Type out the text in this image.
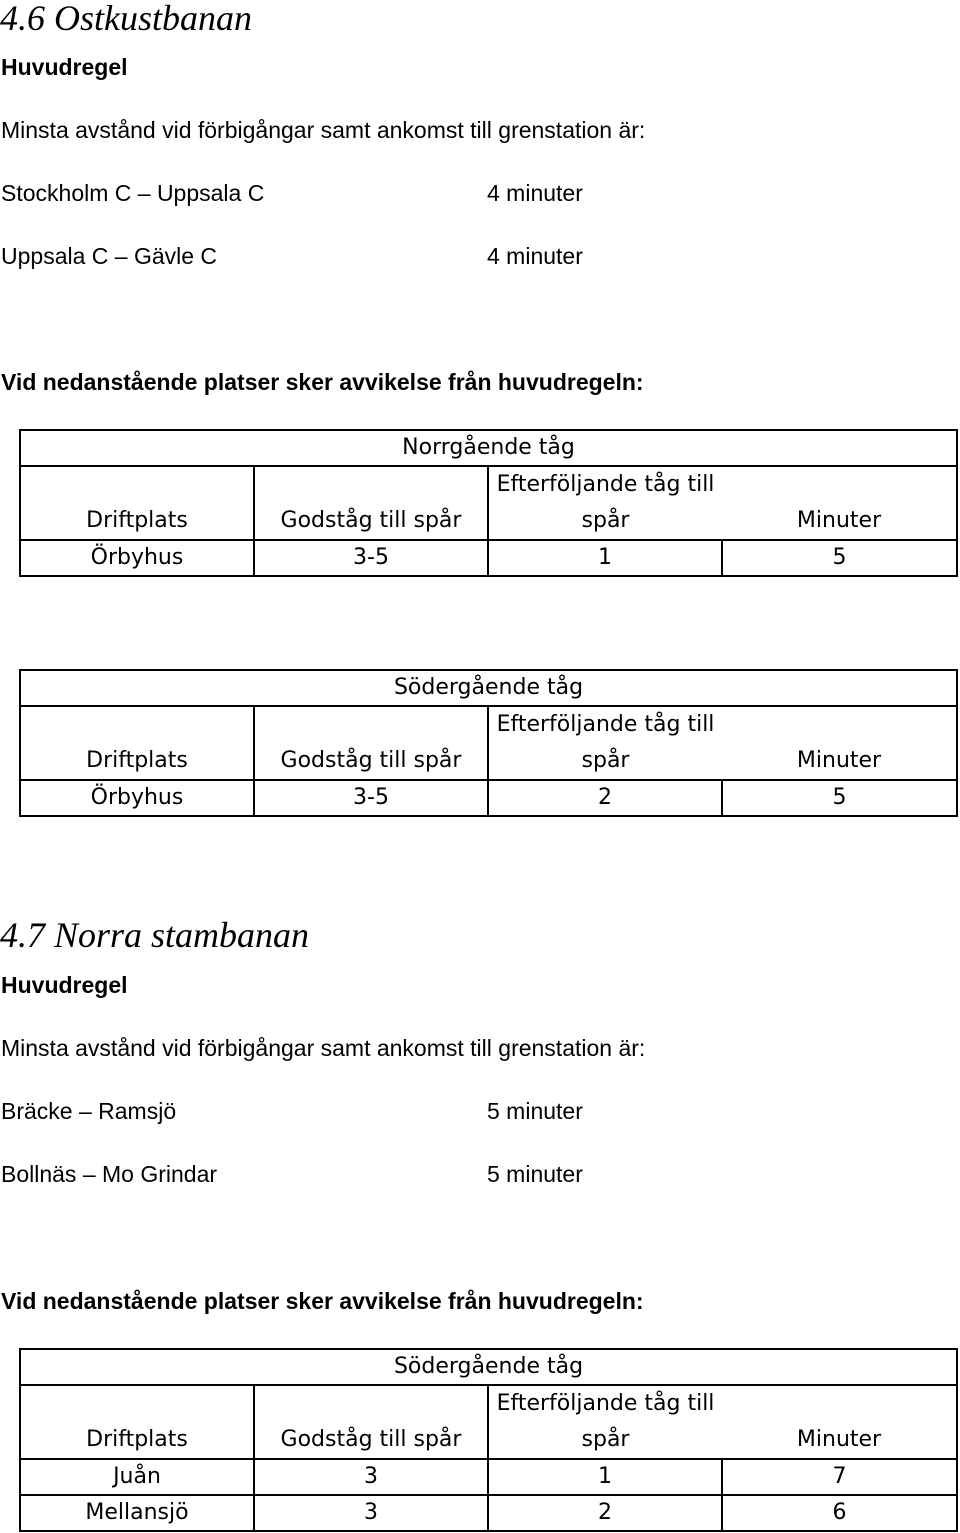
4.6 Ostkustbanan
Huvudregel
Minsta avstånd vid förbigångar samt ankomst till grenstation är:
Stockholm C – Uppsala C	4 minuter
Uppsala C – Gävle C	4 minuter
Vid nedanstående platser sker avvikelse från huvudregeln:
Norrgående tåg			
Driftplats	Godståg till spår	Efterföljande tåg till spår	Minuter
Örbyhus	3-5	1	5
Södergående tåg			
Driftplats	Godståg till spår	Efterföljande tåg till spår	Minuter
Örbyhus	3-5	2	5
4.7 Norra stambanan
Huvudregel
Minsta avstånd vid förbigångar samt ankomst till grenstation är:
Bräcke – Ramsjö	5 minuter
Bollnäs – Mo Grindar	5 minuter
Vid nedanstående platser sker avvikelse från huvudregeln:
Södergående tåg			
Driftplats	Godståg till spår	Efterföljande tåg till spår	Minuter
Juån	3	1	7
Mellansjö	3	2	6
